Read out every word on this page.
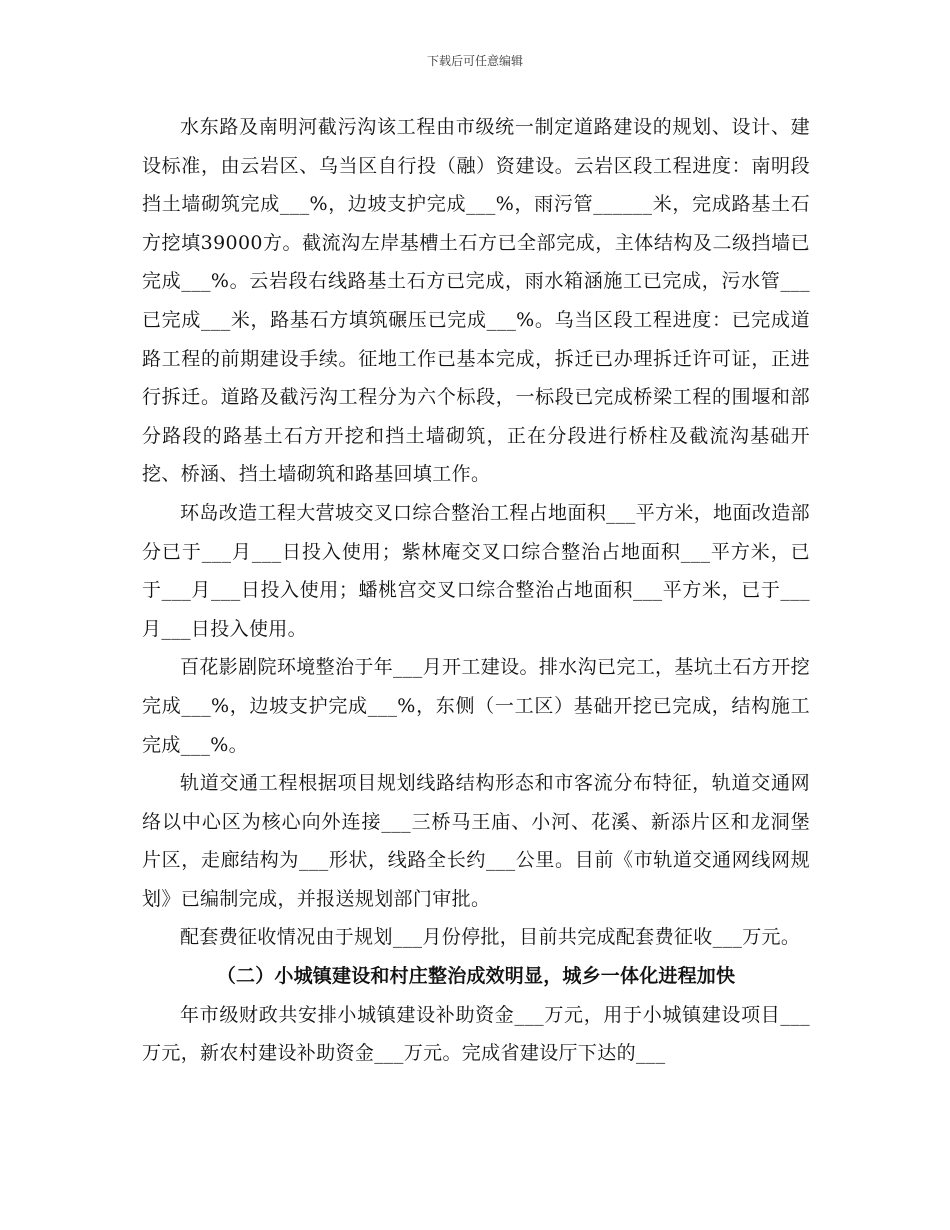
下载后可任意编辑

水东路及南明河截污沟该工程由市级统一制定道路建设的规划、设计、建设标准，由云岩区、乌当区自行投（融）资建设。云岩区段工程进度：南明段挡土墙砌筑完成___%，边坡支护完成___%，雨污管______米，完成路基土石方挖填39000方。截流沟左岸基槽土石方已全部完成，主体结构及二级挡墙已完成___%。云岩段右线路基土石方已完成，雨水箱涵施工已完成，污水管___已完成___米，路基石方填筑碾压已完成___%。乌当区段工程进度：已完成道路工程的前期建设手续。征地工作已基本完成，拆迁已办理拆迁许可证，正进行拆迁。道路及截污沟工程分为六个标段，一标段已完成桥梁工程的围堰和部分路段的路基土石方开挖和挡土墙砌筑，正在分段进行桥柱及截流沟基础开挖、桥涵、挡土墙砌筑和路基回填工作。

环岛改造工程大营坡交叉口综合整治工程占地面积___平方米，地面改造部分已于___月___日投入使用；紫林庵交叉口综合整治占地面积___平方米，已于___月___日投入使用；蟠桃宫交叉口综合整治占地面积___平方米，已于___月___日投入使用。

百花影剧院环境整治于年___月开工建设。排水沟已完工，基坑土石方开挖完成___%，边坡支护完成___%，东侧（一工区）基础开挖已完成，结构施工完成___%。

轨道交通工程根据项目规划线路结构形态和市客流分布特征，轨道交通网络以中心区为核心向外连接___三桥马王庙、小河、花溪、新添片区和龙洞堡片区，走廊结构为___形状，线路全长约___公里。目前《市轨道交通网线网规划》已编制完成，并报送规划部门审批。

配套费征收情况由于规划___月份停批，目前共完成配套费征收___万元。

（二）小城镇建设和村庄整治成效明显，城乡一体化进程加快

年市级财政共安排小城镇建设补助资金___万元，用于小城镇建设项目___万元，新农村建设补助资金___万元。完成省建设厅下达的___
